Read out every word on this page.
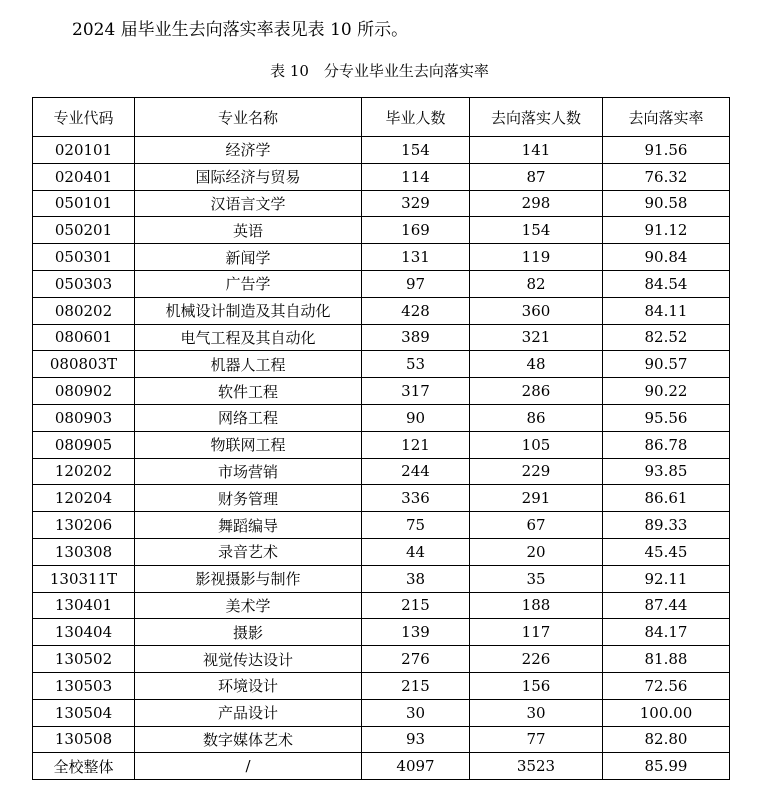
2024 届毕业生去向落实率表见表 10 所示。
表 10　分专业毕业生去向落实率
专业代码	专业名称	毕业人数	去向落实人数	去向落实率
020101	经济学	154	141	91.56
020401	国际经济与贸易	114	87	76.32
050101	汉语言文学	329	298	90.58
050201	英语	169	154	91.12
050301	新闻学	131	119	90.84
050303	广告学	97	82	84.54
080202	机械设计制造及其自动化	428	360	84.11
080601	电气工程及其自动化	389	321	82.52
080803T	机器人工程	53	48	90.57
080902	软件工程	317	286	90.22
080903	网络工程	90	86	95.56
080905	物联网工程	121	105	86.78
120202	市场营销	244	229	93.85
120204	财务管理	336	291	86.61
130206	舞蹈编导	75	67	89.33
130308	录音艺术	44	20	45.45
130311T	影视摄影与制作	38	35	92.11
130401	美术学	215	188	87.44
130404	摄影	139	117	84.17
130502	视觉传达设计	276	226	81.88
130503	环境设计	215	156	72.56
130504	产品设计	30	30	100.00
130508	数字媒体艺术	93	77	82.80
全校整体	/	4097	3523	85.99
